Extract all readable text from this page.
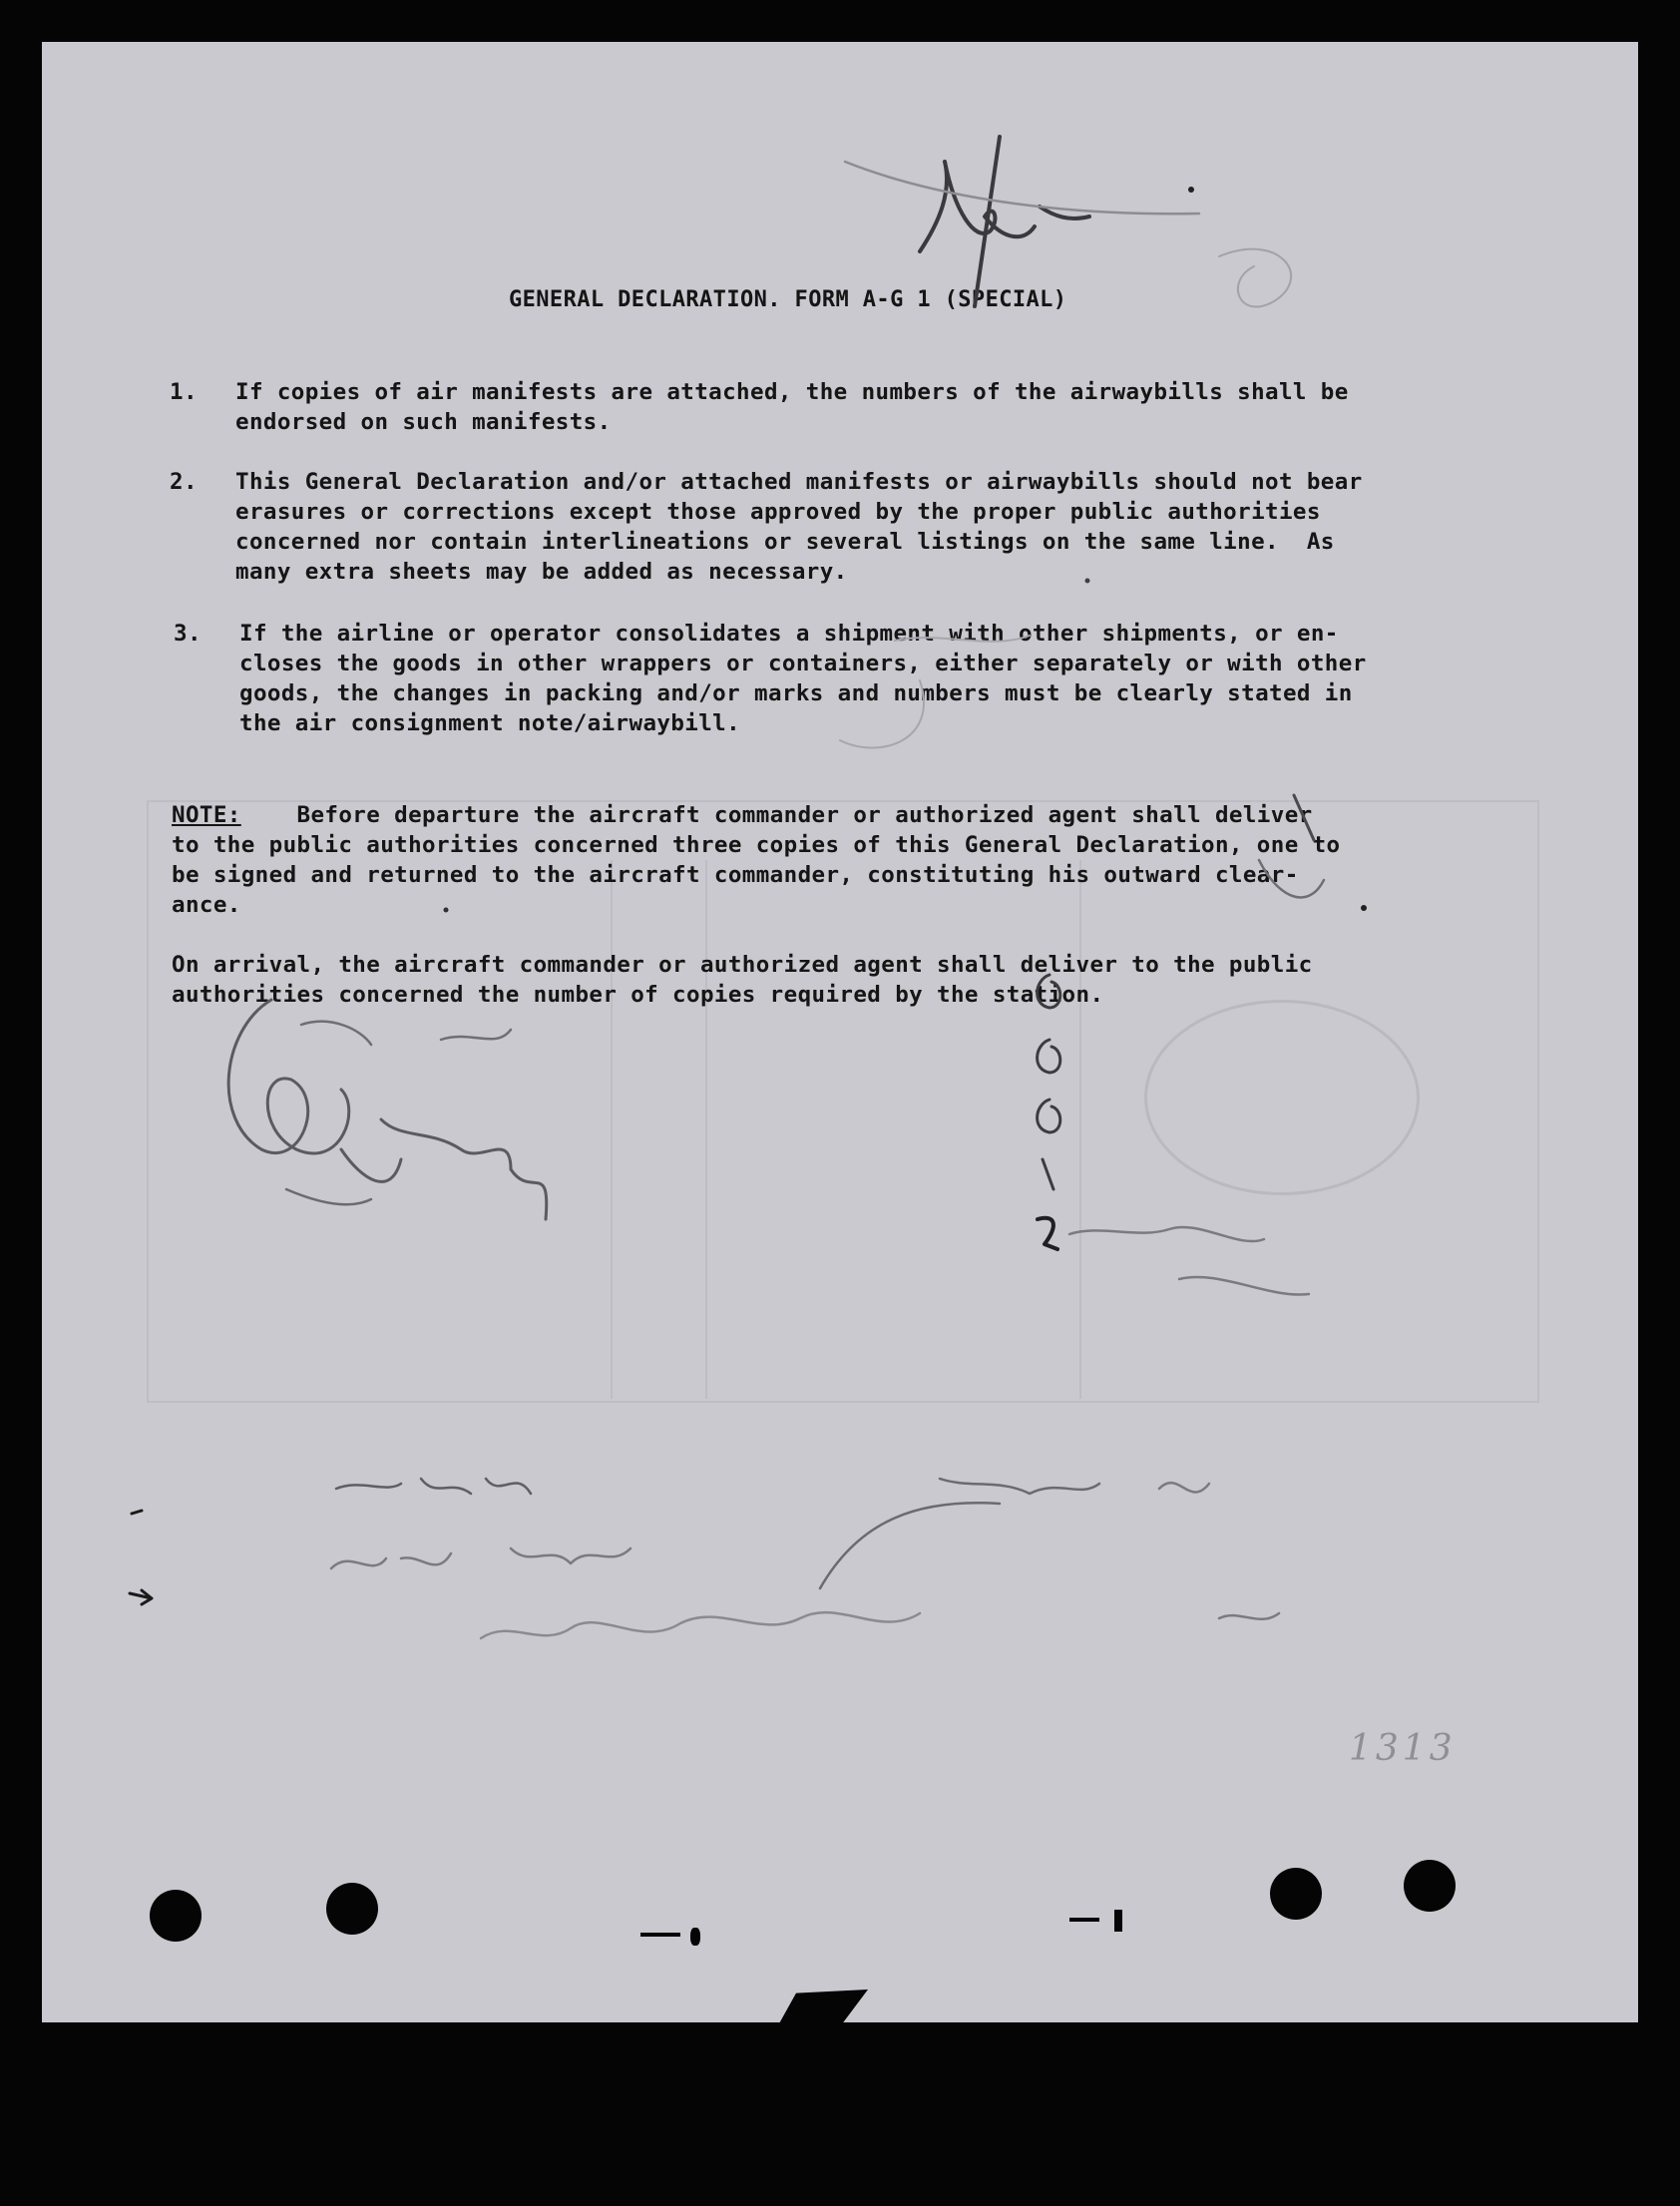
GENERAL DECLARATION. FORM A-G 1 (SPECIAL)
1. If copies of air manifests are attached, the numbers of the airwaybills shall be
endorsed on such manifests.
2. This General Declaration and/or attached manifests or airwaybills should not bear
erasures or corrections except those approved by the proper public authorities
concerned nor contain interlineations or several listings on the same line.  As
many extra sheets may be added as necessary.
3. If the airline or operator consolidates a shipment with other shipments, or en-
closes the goods in other wrappers or containers, either separately or with other
goods, the changes in packing and/or marks and numbers must be clearly stated in
the air consignment note/airwaybill.
NOTE:    Before departure the aircraft commander or authorized agent shall deliver
to the public authorities concerned three copies of this General Declaration, one to
be signed and returned to the aircraft commander, constituting his outward clear-
ance.
On arrival, the aircraft commander or authorized agent shall deliver to the public
authorities concerned the number of copies required by the station.
1313
